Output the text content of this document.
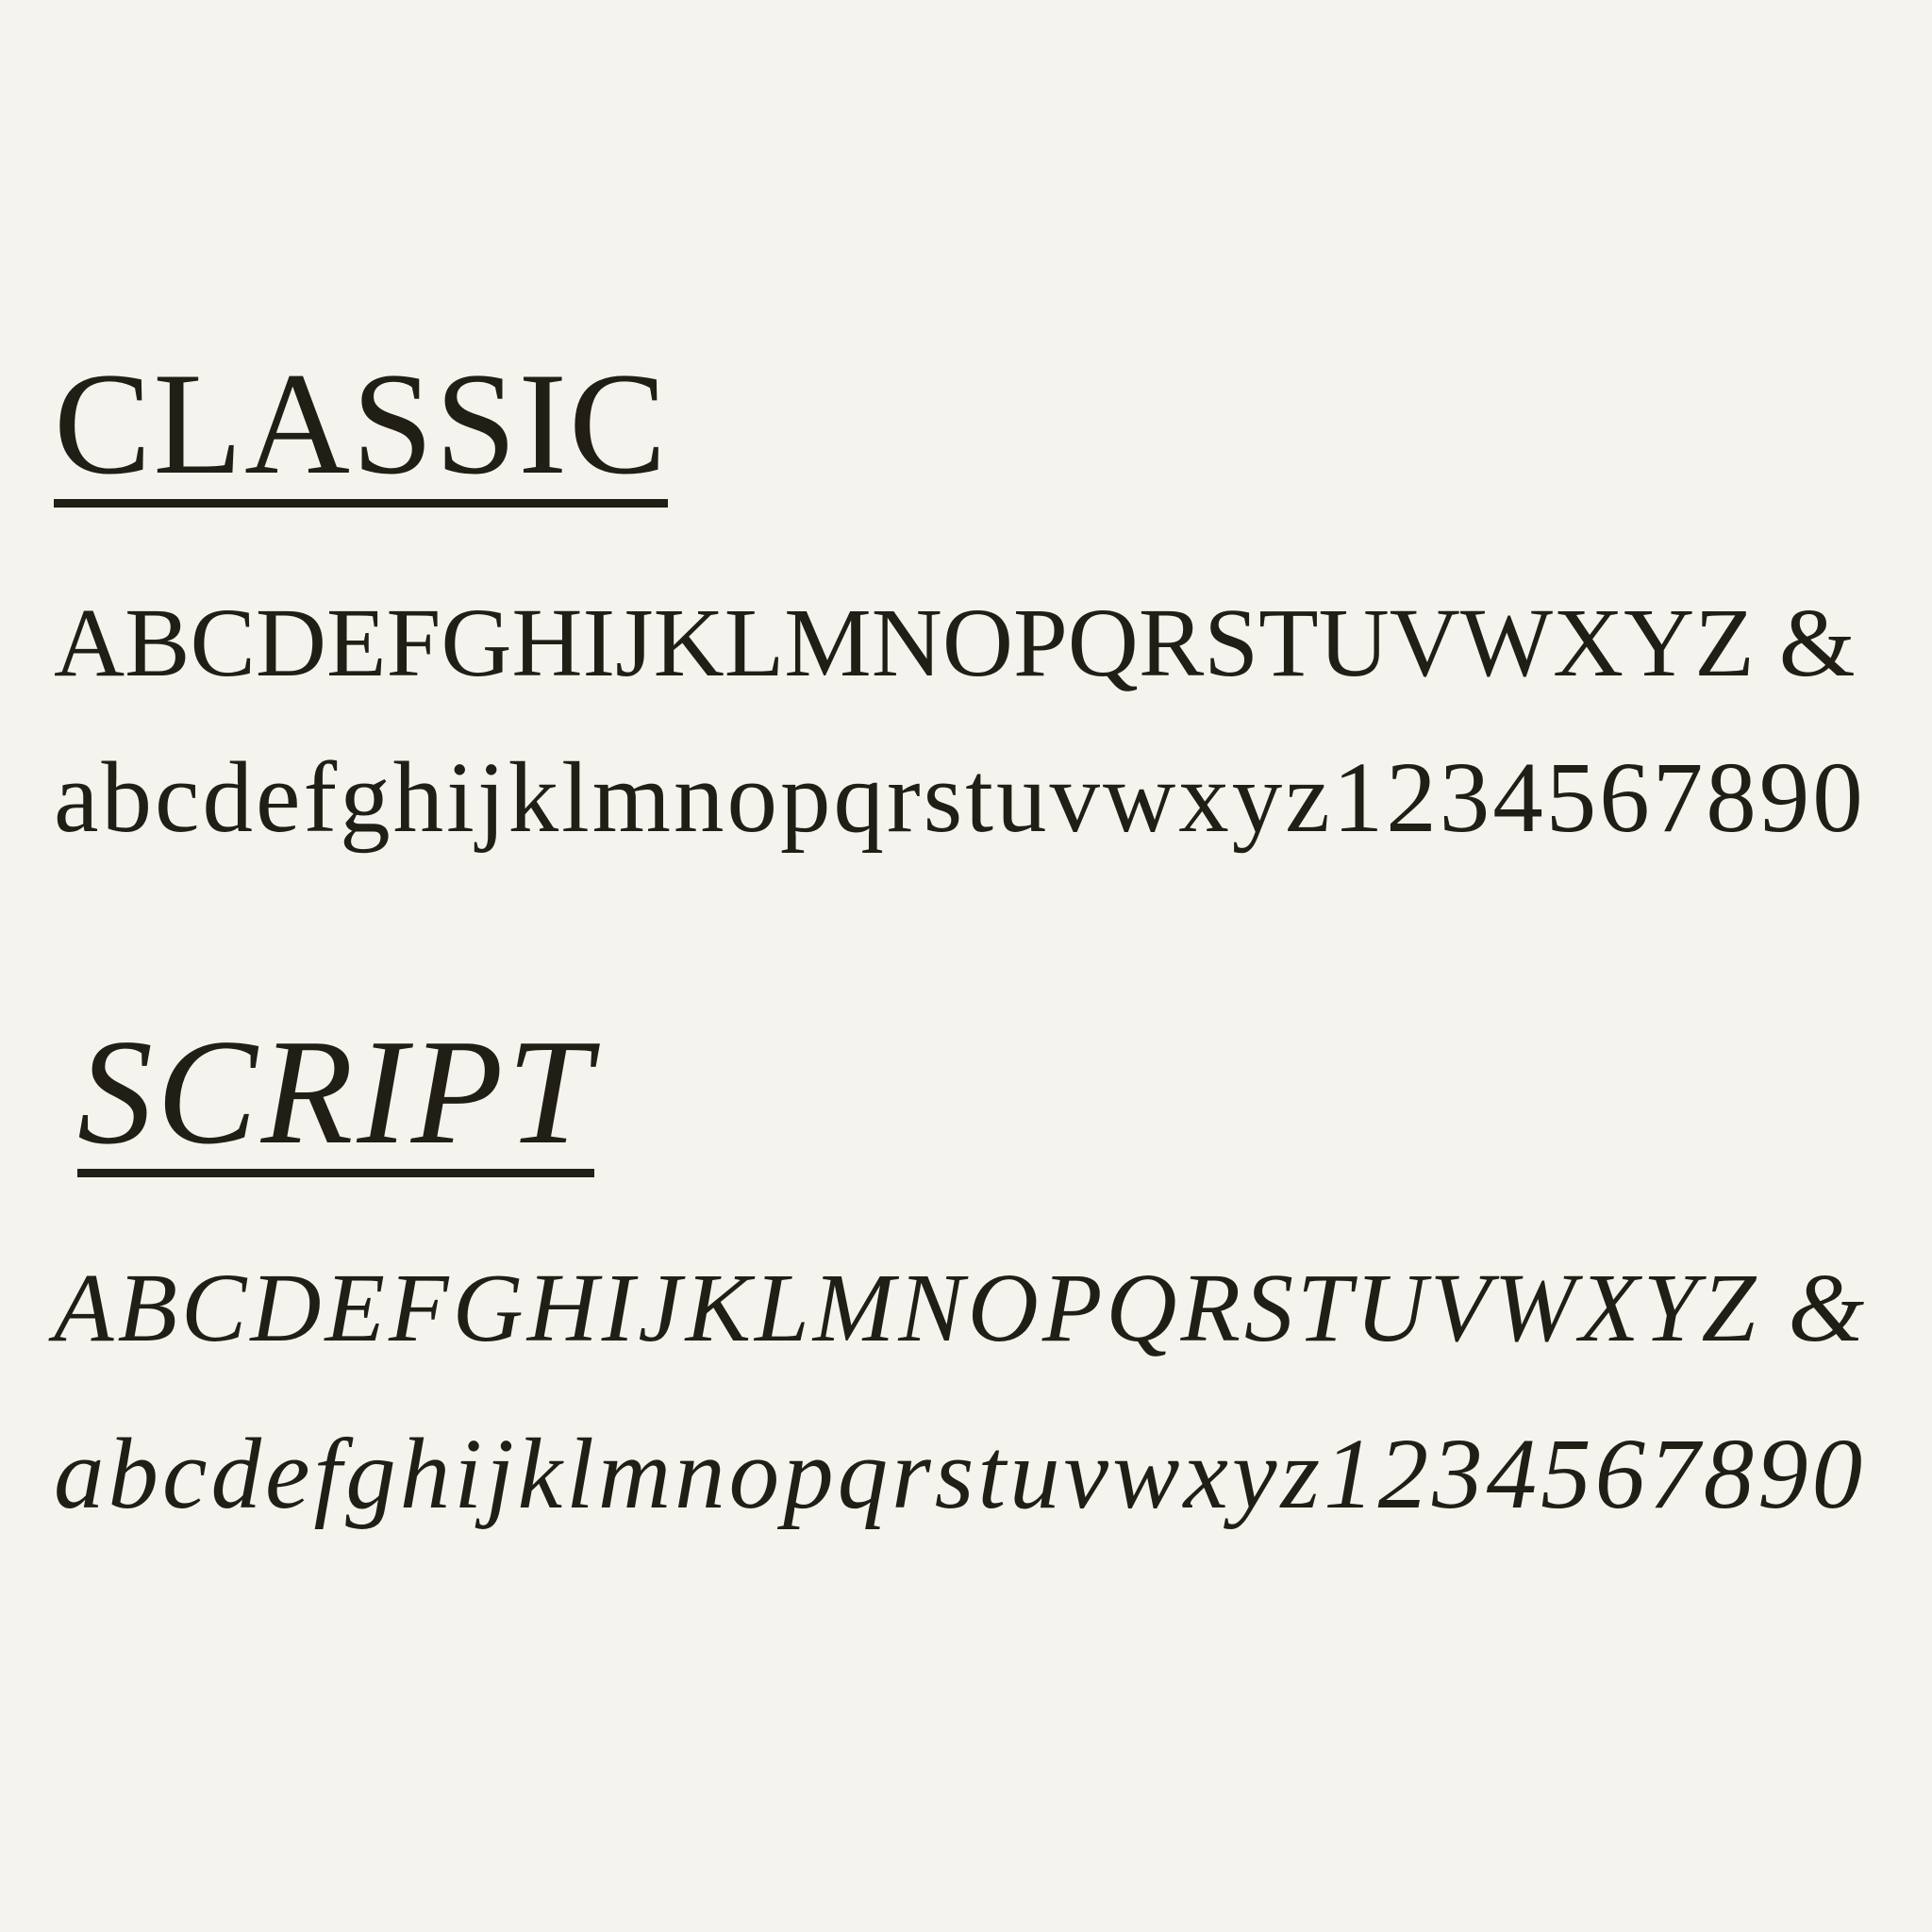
CLASSIC

ABCDEFGHIJKLMNOPQRSTUVWXYZ &

abcdefghijklmnopqrstuvwxyz1234567890

SCRIPT

ABCDEFGHIJKLMNOPQRSTUVWXYZ &

abcdefghijklmnopqrstuvwxyz1234567890
